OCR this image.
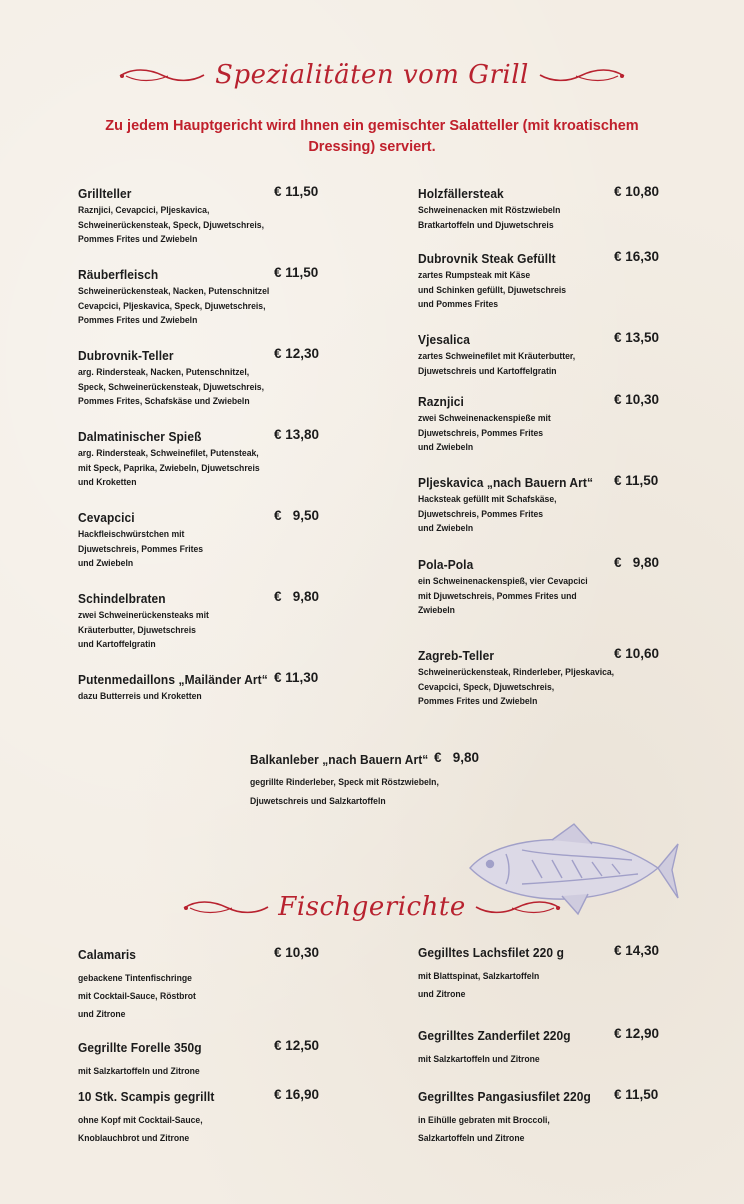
Spezialitäten vom Grill
Zu jedem Hauptgericht wird Ihnen ein gemischter Salatteller (mit kroatischem Dressing) serviert.
Grillteller
Raznjici, Cevapcici, Pljeskavica,
Schweinerückensteak, Speck, Djuwetschreis,
Pommes Frites und Zwiebeln
€ 11,50
Räuberfleisch
Schweinerückensteak, Nacken, Putenschnitzel
Cevapcici, Pljeskavica, Speck, Djuwetschreis,
Pommes Frites und Zwiebeln
€ 11,50
Dubrovnik-Teller
arg. Rindersteak, Nacken, Putenschnitzel,
Speck, Schweinerückensteak, Djuwetschreis,
Pommes Frites, Schafskäse und Zwiebeln
€ 12,30
Dalmatinischer Spieß
arg. Rindersteak, Schweinefilet, Putensteak,
mit Speck, Paprika, Zwiebeln, Djuwetschreis
und Kroketten
€ 13,80
Cevapcici
Hackfleischwürstchen mit
Djuwetschreis, Pommes Frites
und Zwiebeln
€   9,50
Schindelbraten
zwei Schweinerückensteaks mit
Kräuterbutter, Djuwetschreis
und Kartoffelgratin
€   9,80
Putenmedaillons „Mailänder Art“
dazu Butterreis und Kroketten
€ 11,30
Holzfällersteak
Schweinenacken mit Röstzwiebeln
Bratkartoffeln und Djuwetschreis
€ 10,80
Dubrovnik Steak Gefüllt
zartes Rumpsteak mit Käse
und Schinken gefüllt, Djuwetschreis
und Pommes Frites
€ 16,30
Vjesalica
zartes Schweinefilet mit Kräuterbutter,
Djuwetschreis und Kartoffelgratin
€ 13,50
Raznjici
zwei Schweinenackenspieße mit
Djuwetschreis, Pommes Frites
und Zwiebeln
€ 10,30
Pljeskavica „nach Bauern Art“
Hacksteak gefüllt mit Schafskäse,
Djuwetschreis, Pommes Frites
und Zwiebeln
€ 11,50
Pola-Pola
ein Schweinenackenspieß, vier Cevapcici
mit Djuwetschreis, Pommes Frites und
Zwiebeln
€   9,80
Zagreb-Teller
Schweinerückensteak, Rinderleber, Pljeskavica,
Cevapcici, Speck, Djuwetschreis,
Pommes Frites und Zwiebeln
€ 10,60
Balkanleber „nach Bauern Art“
gegrillte Rinderleber, Speck mit Röstzwiebeln,
Djuwetschreis und Salzkartoffeln
€   9,80
Fischgerichte
Calamaris
gebackene Tintenfischringe
mit Cocktail-Sauce, Röstbrot
und Zitrone
€ 10,30
Gegrillte Forelle 350g
mit Salzkartoffeln und Zitrone
€ 12,50
10 Stk. Scampis gegrillt
ohne Kopf mit Cocktail-Sauce,
Knoblauchbrot und Zitrone
€ 16,90
Gegilltes Lachsfilet 220 g
mit Blattspinat, Salzkartoffeln
und Zitrone
€ 14,30
Gegrilltes Zanderfilet 220g
mit Salzkartoffeln und Zitrone
€ 12,90
Gegrilltes Pangasiusfilet 220g
in Eihülle gebraten mit Broccoli,
Salzkartoffeln und Zitrone
€ 11,50
